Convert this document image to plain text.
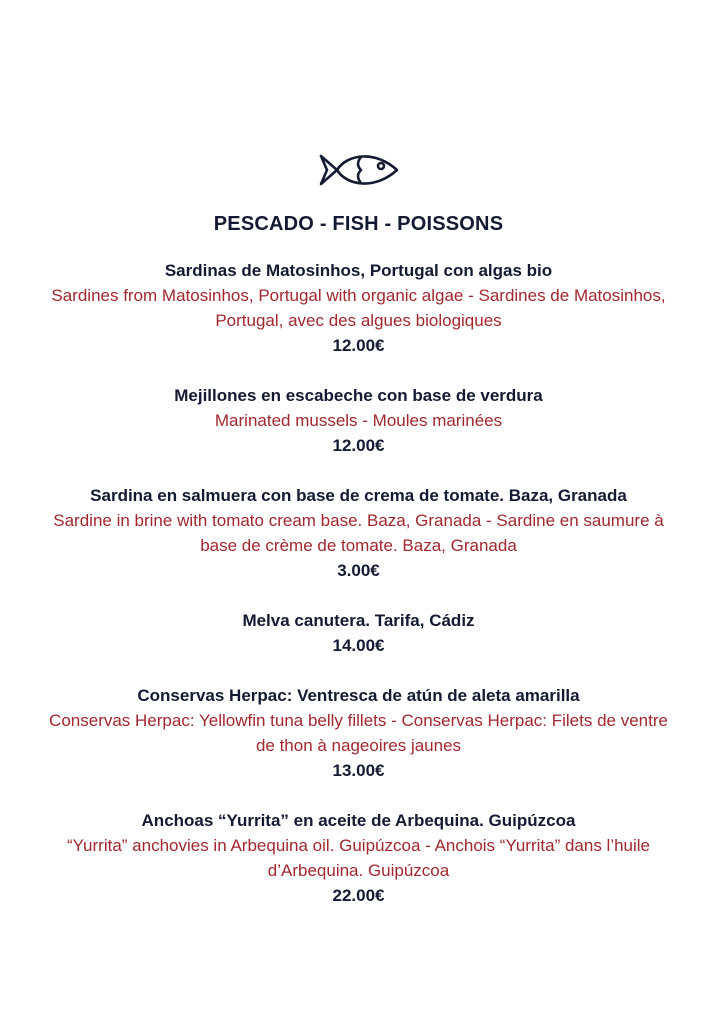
PESCADO - FISH - POISSONS
Sardinas de Matosinhos, Portugal con algas bio
Sardines from Matosinhos, Portugal with organic algae - Sardines de Matosinhos, Portugal, avec des algues biologiques
12.00€
Mejillones en escabeche con base de verdura
Marinated mussels - Moules marinées
12.00€
Sardina en salmuera con base de crema de tomate. Baza, Granada
Sardine in brine with tomato cream base. Baza, Granada - Sardine en saumure à base de crème de tomate. Baza, Granada
3.00€
Melva canutera. Tarifa, Cádiz
14.00€
Conservas Herpac: Ventresca de atún de aleta amarilla
Conservas Herpac: Yellowfin tuna belly fillets - Conservas Herpac: Filets de ventre de thon à nageoires jaunes
13.00€
Anchoas “Yurrita” en aceite de Arbequina. Guipúzcoa
“Yurrita” anchovies in Arbequina oil. Guipúzcoa - Anchois “Yurrita” dans l’huile d’Arbequina. Guipúzcoa
22.00€
